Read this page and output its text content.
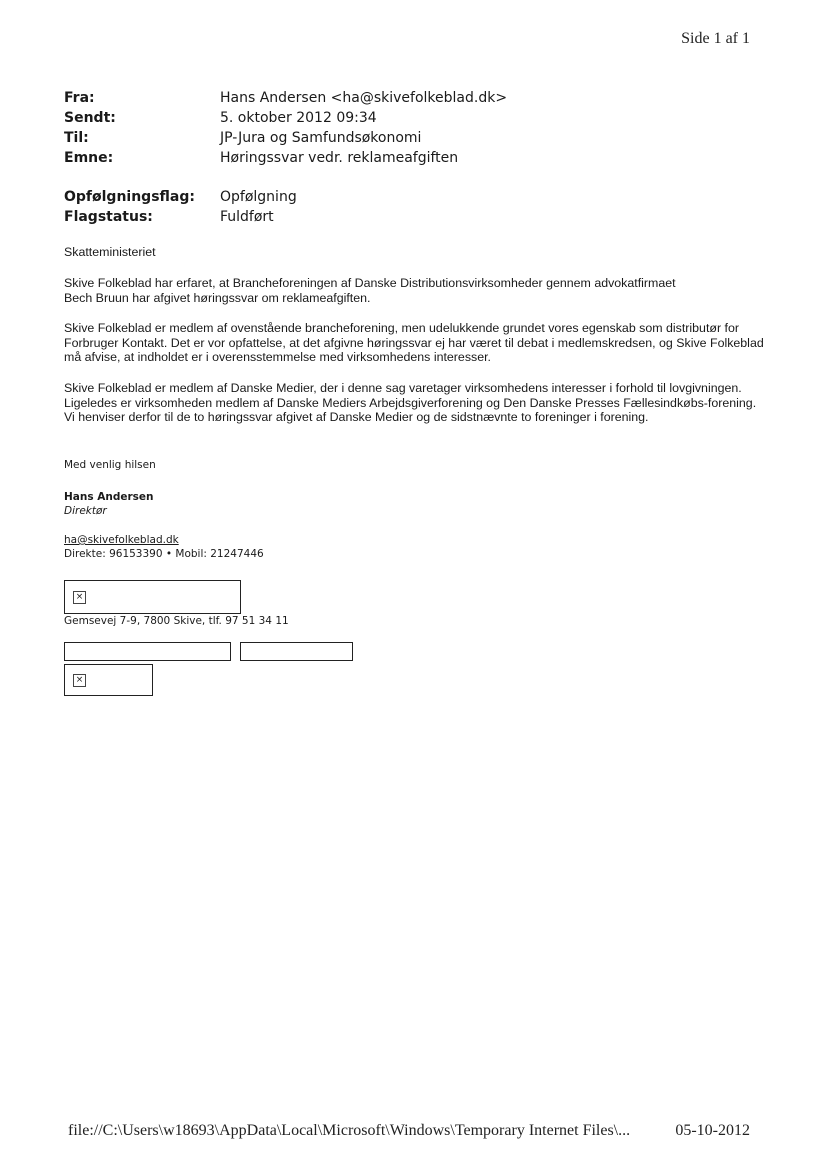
Side 1 af 1
Fra:	Hans Andersen <ha@skivefolkeblad.dk>
Sendt:	5. oktober 2012 09:34
Til:	JP-Jura og Samfundsøkonomi
Emne:	Høringssvar vedr. reklameafgiften
Opfølgningsflag: Opfølgning
Flagstatus:	Fuldført
Skatteministeriet
Skive Folkeblad har erfaret, at Brancheforeningen af Danske Distributionsvirksomheder gennem advokatfirmaet Bech Bruun har afgivet høringssvar om reklameafgiften.
Skive Folkeblad er medlem af ovenstående brancheforening, men udelukkende grundet vores egenskab som distributør for Forbruger Kontakt. Det er vor opfattelse, at det afgivne høringssvar ej har været til debat i medlemskredsen, og Skive Folkeblad må afvise, at indholdet er i overensstemmelse med virksomhedens interesser.
Skive Folkeblad er medlem af Danske Medier, der i denne sag varetager virksomhedens interesser i forhold til lovgivningen. Ligeledes er virksomheden medlem af Danske Mediers Arbejdsgiverforening og Den Danske Presses Fællesindkøbs-forening. Vi henviser derfor til de to høringssvar afgivet af Danske Medier og de sidstnævnte to foreninger i forening.
Med venlig hilsen
Hans Andersen
Direktør
ha@skivefolkeblad.dk
Direkte: 96153390 • Mobil: 21247446
×
Gemsevej 7-9, 7800 Skive, tlf. 97 51 34 11
×
file://C:\Users\w18693\AppData\Local\Microsoft\Windows\Temporary Internet Files\...	05-10-2012
